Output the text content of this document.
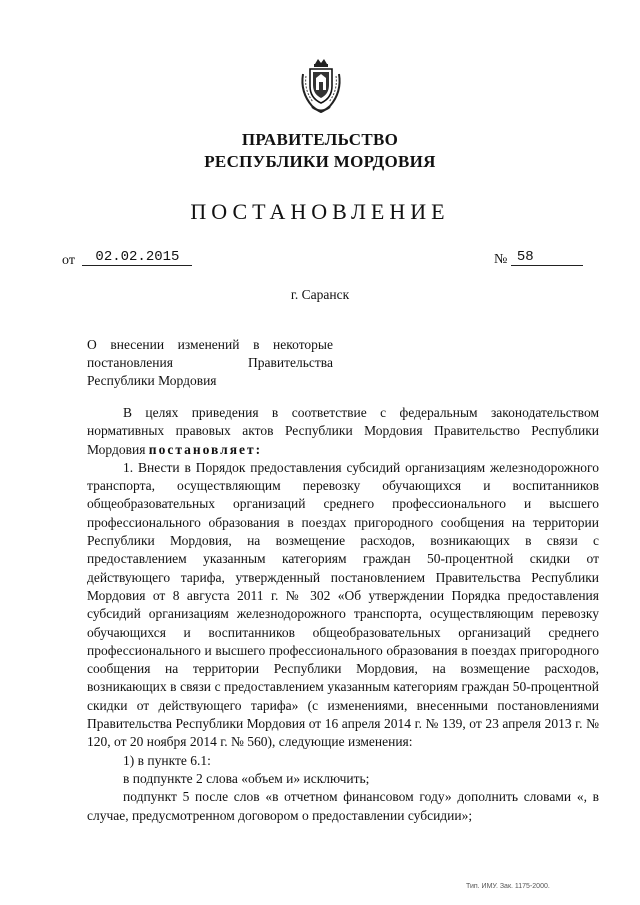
ПРАВИТЕЛЬСТВО
РЕСПУБЛИКИ МОРДОВИЯ
ПОСТАНОВЛЕНИЕ
от 02.02.2015	№ 58
г. Саранск
О внесении изменений в некоторые
постановления Правительства
Республики Мордовия

В целях приведения в соответствие с федеральным законодательством нормативных правовых актов Республики Мордовия Правительство Республики Мордовия постановляет:

1. Внести в Порядок предоставления субсидий организациям железнодорожного транспорта, осуществляющим перевозку обучающихся и воспитанников общеобразовательных организаций среднего профессионального и высшего профессионального образования в поездах пригородного сообщения на территории Республики Мордовия, на возмещение расходов, возникающих в связи с предоставлением указанным категориям граждан 50-процентной скидки от действующего тарифа, утвержденный постановлением Правительства Республики Мордовия от 8 августа 2011 г. № 302 «Об утверждении Порядка предоставления субсидий организациям железнодорожного транспорта, осуществляющим перевозку обучающихся и воспитанников общеобразовательных организаций среднего профессионального и высшего профессионального образования в поездах пригородного сообщения на территории Республики Мордовия, на возмещение расходов, возникающих в связи с предоставлением указанным категориям граждан 50-процентной скидки от действующего тарифа» (с изменениями, внесенными постановлениями Правительства Республики Мордовия от 16 апреля 2014 г. № 139, от 23 апреля 2013 г. № 120, от 20 ноября 2014 г. № 560), следующие изменения:

1) в пункте 6.1:

в подпункте 2 слова «объем и» исключить;

подпункт 5 после слов «в отчетном финансовом году» дополнить словами «, в случае, предусмотренном договором о предоставлении субсидии»;

Тип. ИМУ. Зак. 1175-2000.
